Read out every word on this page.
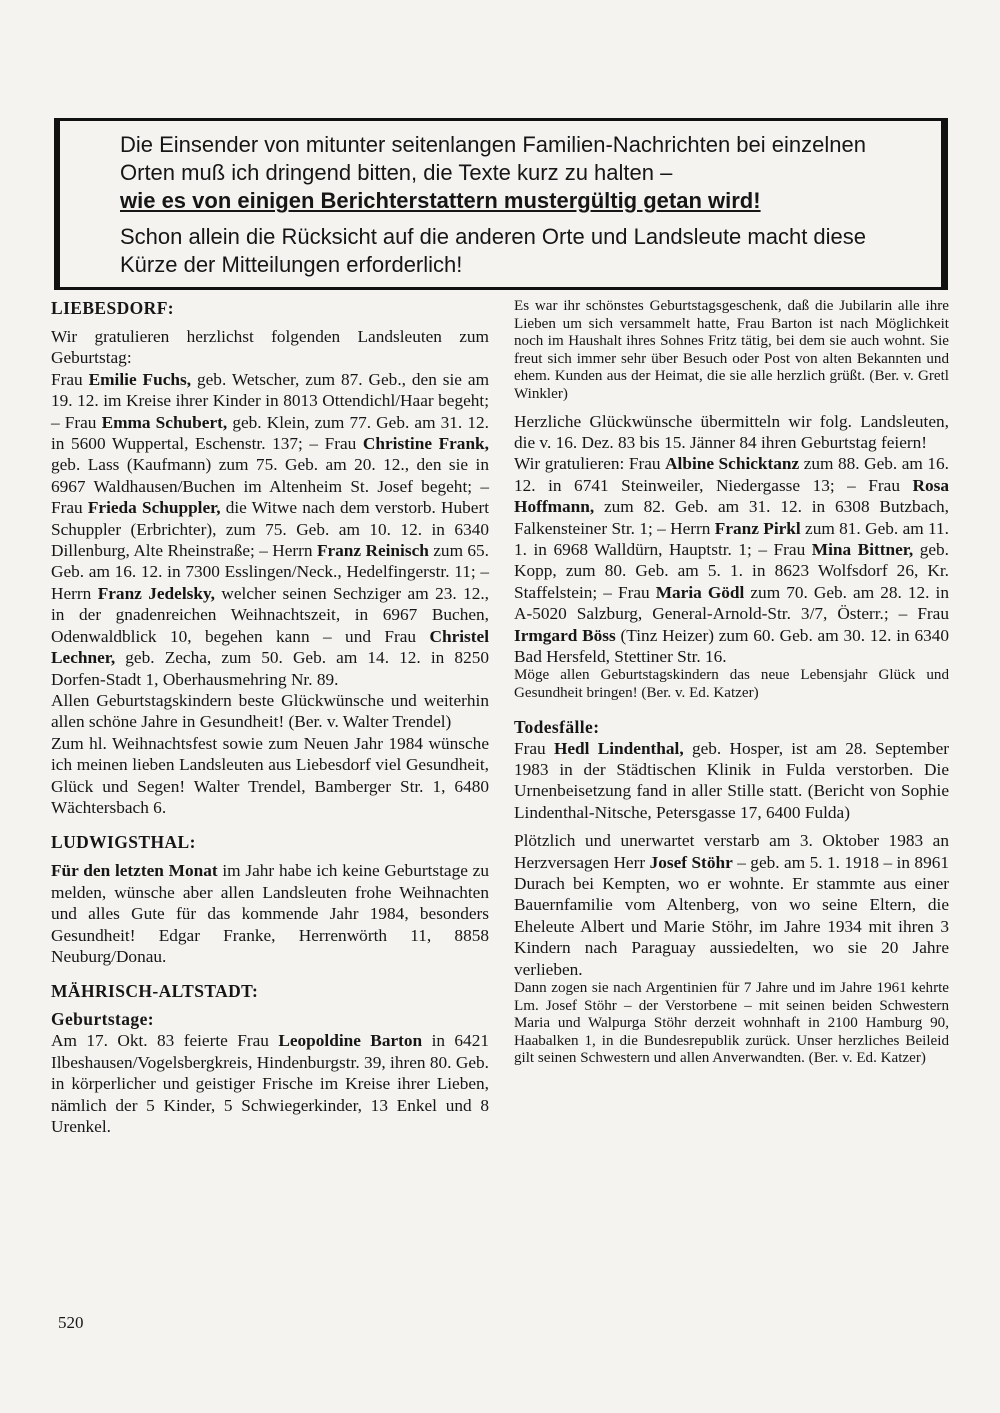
Die Einsender von mitunter seitenlangen Familien-Nachrichten bei einzelnen Orten muß ich dringend bitten, die Texte kurz zu halten –

wie es von einigen Berichterstattern mustergültig getan wird!

Schon allein die Rücksicht auf die anderen Orte und Landsleute macht diese Kürze der Mitteilungen erforderlich!

LIEBESDORF:

Wir gratulieren herzlichst folgenden Landsleuten zum Geburtstag:

Frau Emilie Fuchs, geb. Wetscher, zum 87. Geb., den sie am 19. 12. im Kreise ihrer Kinder in 8013 Ottendichl/Haar begeht; – Frau Emma Schubert, geb. Klein, zum 77. Geb. am 31. 12. in 5600 Wuppertal, Eschenstr. 137; – Frau Christine Frank, geb. Lass (Kaufmann) zum 75. Geb. am 20. 12., den sie in 6967 Waldhausen/Buchen im Altenheim St. Josef begeht; – Frau Frieda Schuppler, die Witwe nach dem verstorb. Hubert Schuppler (Erbrichter), zum 75. Geb. am 10. 12. in 6340 Dillenburg, Alte Rheinstraße; – Herrn Franz Reinisch zum 65. Geb. am 16. 12. in 7300 Esslingen/Neck., Hedelfingerstr. 11; – Herrn Franz Jedelsky, welcher seinen Sechziger am 23. 12., in der gnadenreichen Weihnachtszeit, in 6967 Buchen, Odenwaldblick 10, begehen kann – und Frau Christel Lechner, geb. Zecha, zum 50. Geb. am 14. 12. in 8250 Dorfen-Stadt 1, Oberhausmehring Nr. 89.

Allen Geburtstagskindern beste Glückwünsche und weiterhin allen schöne Jahre in Gesundheit! (Ber. v. Walter Trendel)

Zum hl. Weihnachtsfest sowie zum Neuen Jahr 1984 wünsche ich meinen lieben Landsleuten aus Liebesdorf viel Gesundheit, Glück und Segen! Walter Trendel, Bamberger Str. 1, 6480 Wächtersbach 6.

LUDWIGSTHAL:

Für den letzten Monat im Jahr habe ich keine Geburtstage zu melden, wünsche aber allen Landsleuten frohe Weihnachten und alles Gute für das kommende Jahr 1984, besonders Gesundheit! Edgar Franke, Herrenwörth 11, 8858 Neuburg/Donau.

MÄHRISCH-ALTSTADT:

Geburtstage:

Am 17. Okt. 83 feierte Frau Leopoldine Barton in 6421 Ilbeshausen/Vogelsbergkreis, Hindenburgstr. 39, ihren 80. Geb. in körperlicher und geistiger Frische im Kreise ihrer Lieben, nämlich der 5 Kinder, 5 Schwiegerkinder, 13 Enkel und 8 Urenkel.

Es war ihr schönstes Geburtstagsgeschenk, daß die Jubilarin alle ihre Lieben um sich versammelt hatte, Frau Barton ist nach Möglichkeit noch im Haushalt ihres Sohnes Fritz tätig, bei dem sie auch wohnt. Sie freut sich immer sehr über Besuch oder Post von alten Bekannten und ehem. Kunden aus der Heimat, die sie alle herzlich grüßt. (Ber. v. Gretl Winkler)

Herzliche Glückwünsche übermitteln wir folg. Landsleuten, die v. 16. Dez. 83 bis 15. Jänner 84 ihren Geburtstag feiern!

Wir gratulieren: Frau Albine Schicktanz zum 88. Geb. am 16. 12. in 6741 Steinweiler, Niedergasse 13; – Frau Rosa Hoffmann, zum 82. Geb. am 31. 12. in 6308 Butzbach, Falkensteiner Str. 1; – Herrn Franz Pirkl zum 81. Geb. am 11. 1. in 6968 Walldürn, Hauptstr. 1; – Frau Mina Bittner, geb. Kopp, zum 80. Geb. am 5. 1. in 8623 Wolfsdorf 26, Kr. Staffelstein; – Frau Maria Gödl zum 70. Geb. am 28. 12. in A-5020 Salzburg, General-Arnold-Str. 3/7, Österr.; – Frau Irmgard Böss (Tinz Heizer) zum 60. Geb. am 30. 12. in 6340 Bad Hersfeld, Stettiner Str. 16.

Möge allen Geburtstagskindern das neue Lebensjahr Glück und Gesundheit bringen! (Ber. v. Ed. Katzer)

Todesfälle:

Frau Hedl Lindenthal, geb. Hosper, ist am 28. September 1983 in der Städtischen Klinik in Fulda verstorben. Die Urnenbeisetzung fand in aller Stille statt. (Bericht von Sophie Lindenthal-Nitsche, Petersgasse 17, 6400 Fulda)

Plötzlich und unerwartet verstarb am 3. Oktober 1983 an Herzversagen Herr Josef Stöhr – geb. am 5. 1. 1918 – in 8961 Durach bei Kempten, wo er wohnte. Er stammte aus einer Bauernfamilie vom Altenberg, von wo seine Eltern, die Eheleute Albert und Marie Stöhr, im Jahre 1934 mit ihren 3 Kindern nach Paraguay aussiedelten, wo sie 20 Jahre verlieben.

Dann zogen sie nach Argentinien für 7 Jahre und im Jahre 1961 kehrte Lm. Josef Stöhr – der Verstorbene – mit seinen beiden Schwestern Maria und Walpurga Stöhr derzeit wohnhaft in 2100 Hamburg 90, Haabalken 1, in die Bundesrepublik zurück. Unser herzliches Beileid gilt seinen Schwestern und allen Anverwandten. (Ber. v. Ed. Katzer)

520
